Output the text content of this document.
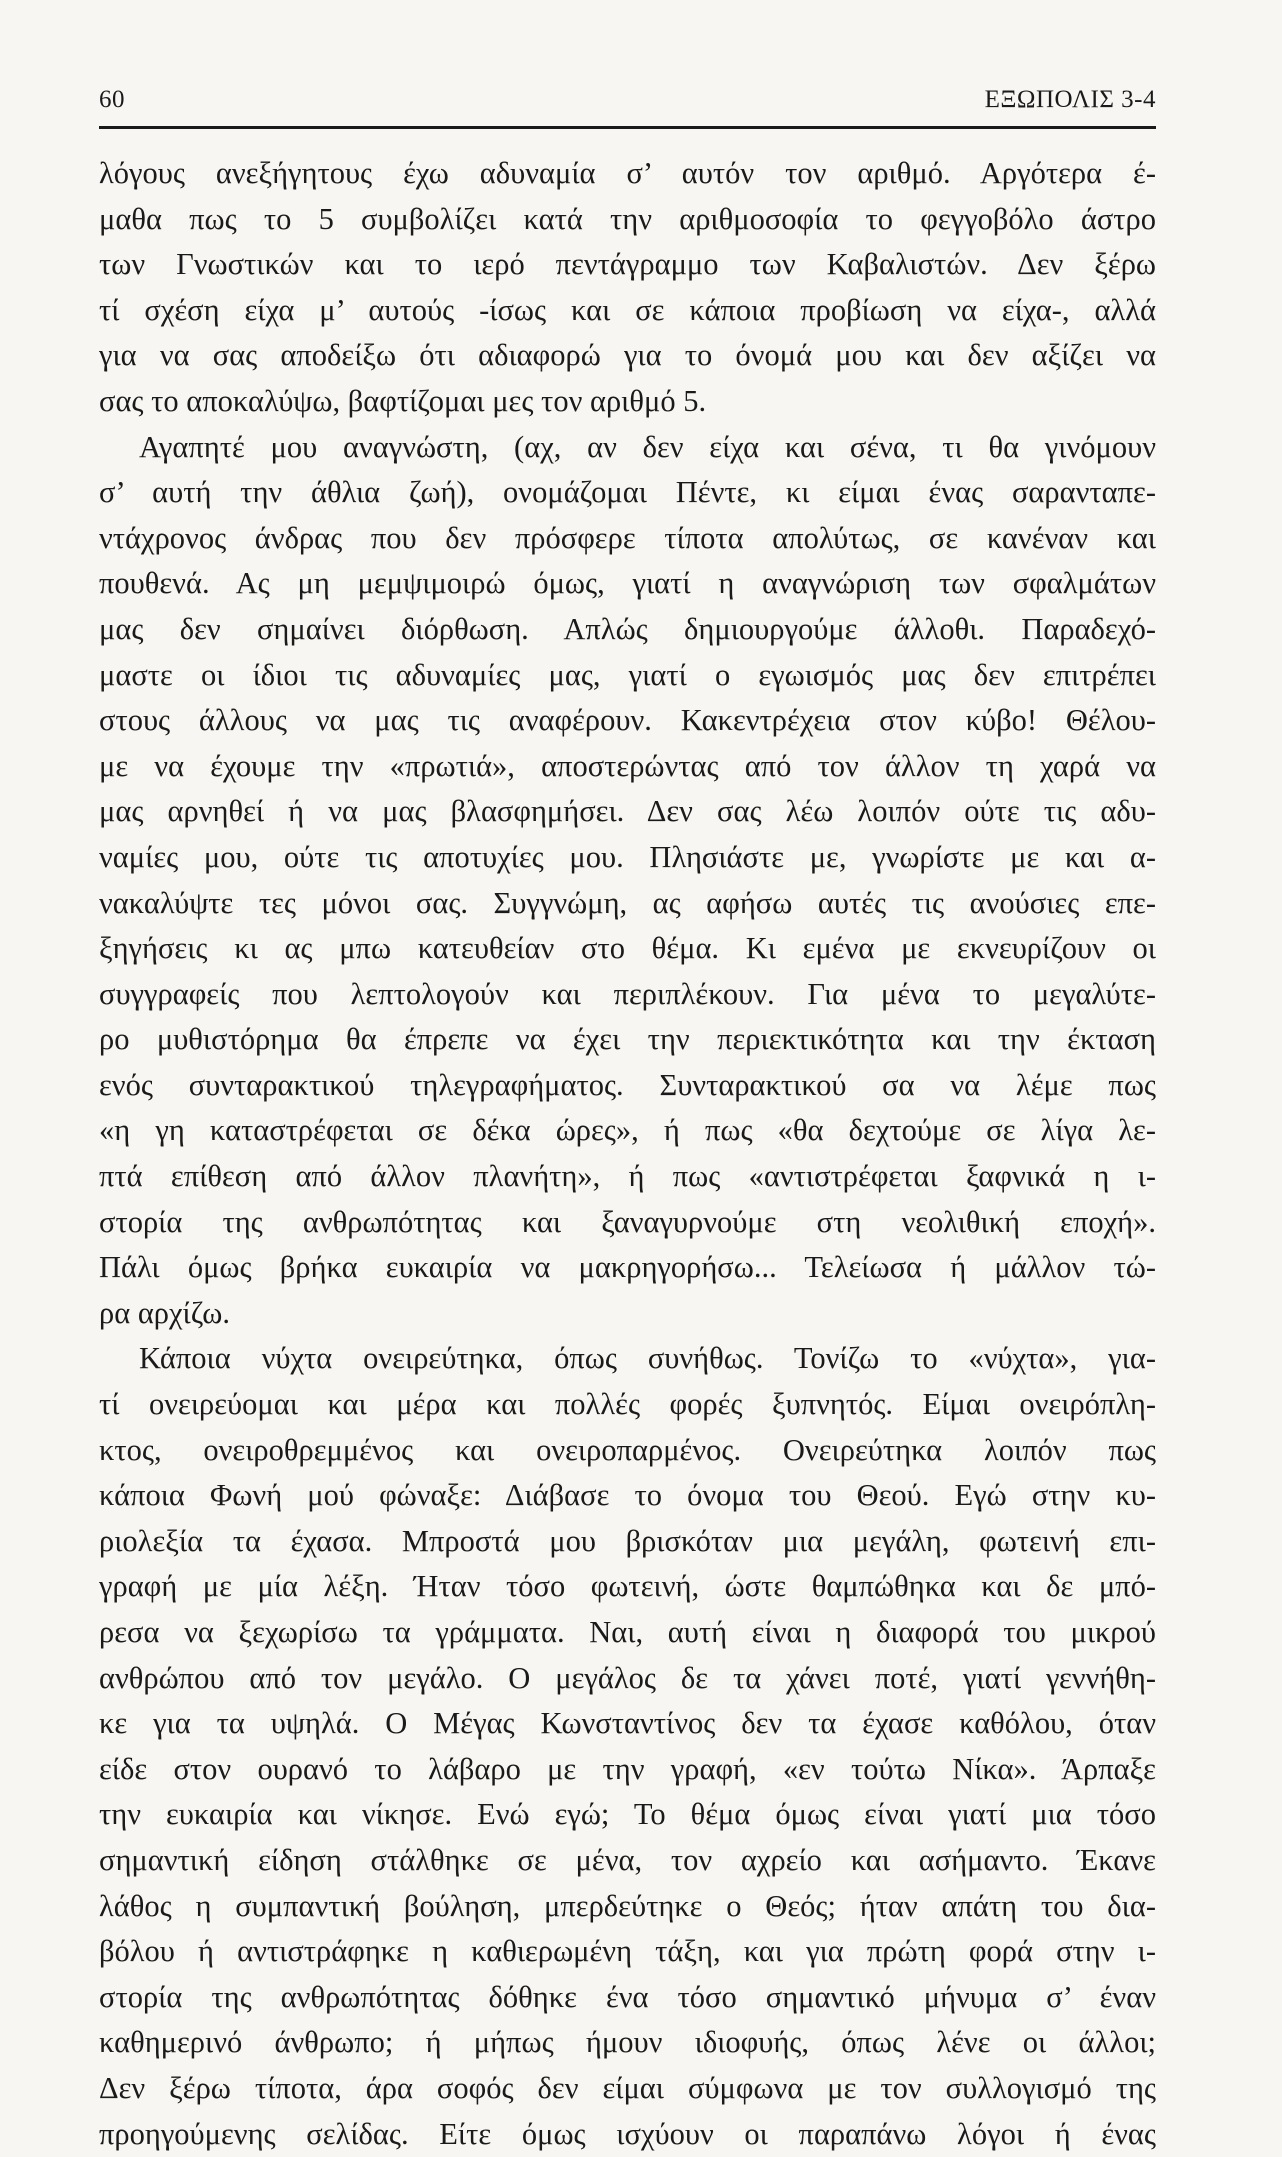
60	ΕΞΩΠΟΛΙΣ 3-4
λόγους ανεξήγητους έχω αδυναμία σ’ αυτόν τον αριθμό. Αργότερα έ-
μαθα πως το 5 συμβολίζει κατά την αριθμοσοφία το φεγγοβόλο άστρο
των Γνωστικών και το ιερό πεντάγραμμο των Καβαλιστών. Δεν ξέρω
τί σχέση είχα μ’ αυτούς -ίσως και σε κάποια προβίωση να είχα-, αλλά
για να σας αποδείξω ότι αδιαφορώ για το όνομά μου και δεν αξίζει να
σας το αποκαλύψω, βαφτίζομαι μες τον αριθμό 5.
Αγαπητέ μου αναγνώστη, (αχ, αν δεν είχα και σένα, τι θα γινόμουν
σ’ αυτή την άθλια ζωή), ονομάζομαι Πέντε, κι είμαι ένας σαρανταπε-
ντάχρονος άνδρας που δεν πρόσφερε τίποτα απολύτως, σε κανέναν και
πουθενά. Ας μη μεμψιμοιρώ όμως, γιατί η αναγνώριση των σφαλμάτων
μας δεν σημαίνει διόρθωση. Απλώς δημιουργούμε άλλοθι. Παραδεχό-
μαστε οι ίδιοι τις αδυναμίες μας, γιατί ο εγωισμός μας δεν επιτρέπει
στους άλλους να μας τις αναφέρουν. Κακεντρέχεια στον κύβο! Θέλου-
με να έχουμε την «πρωτιά», αποστερώντας από τον άλλον τη χαρά να
μας αρνηθεί ή να μας βλασφημήσει. Δεν σας λέω λοιπόν ούτε τις αδυ-
ναμίες μου, ούτε τις αποτυχίες μου. Πλησιάστε με, γνωρίστε με και α-
νακαλύψτε τες μόνοι σας. Συγγνώμη, ας αφήσω αυτές τις ανούσιες επε-
ξηγήσεις κι ας μπω κατευθείαν στο θέμα. Κι εμένα με εκνευρίζουν οι
συγγραφείς που λεπτολογούν και περιπλέκουν. Για μένα το μεγαλύτε-
ρο μυθιστόρημα θα έπρεπε να έχει την περιεκτικότητα και την έκταση
ενός συνταρακτικού τηλεγραφήματος. Συνταρακτικού σα να λέμε πως
«η γη καταστρέφεται σε δέκα ώρες», ή πως «θα δεχτούμε σε λίγα λε-
πτά επίθεση από άλλον πλανήτη», ή πως «αντιστρέφεται ξαφνικά η ι-
στορία της ανθρωπότητας και ξαναγυρνούμε στη νεολιθική εποχή».
Πάλι όμως βρήκα ευκαιρία να μακρηγορήσω... Τελείωσα ή μάλλον τώ-
ρα αρχίζω.
Κάποια νύχτα ονειρεύτηκα, όπως συνήθως. Τονίζω το «νύχτα», για-
τί ονειρεύομαι και μέρα και πολλές φορές ξυπνητός. Είμαι ονειρόπλη-
κτος, ονειροθρεμμένος και ονειροπαρμένος. Ονειρεύτηκα λοιπόν πως
κάποια Φωνή μού φώναξε: Διάβασε το όνομα του Θεού. Εγώ στην κυ-
ριολεξία τα έχασα. Μπροστά μου βρισκόταν μια μεγάλη, φωτεινή επι-
γραφή με μία λέξη. Ήταν τόσο φωτεινή, ώστε θαμπώθηκα και δε μπό-
ρεσα να ξεχωρίσω τα γράμματα. Ναι, αυτή είναι η διαφορά του μικρού
ανθρώπου από τον μεγάλο. Ο μεγάλος δε τα χάνει ποτέ, γιατί γεννήθη-
κε για τα υψηλά. Ο Μέγας Κωνσταντίνος δεν τα έχασε καθόλου, όταν
είδε στον ουρανό το λάβαρο με την γραφή, «εν τούτω Νίκα». Άρπαξε
την ευκαιρία και νίκησε. Ενώ εγώ; Το θέμα όμως είναι γιατί μια τόσο
σημαντική είδηση στάλθηκε σε μένα, τον αχρείο και ασήμαντο. Έκανε
λάθος η συμπαντική βούληση, μπερδεύτηκε ο Θεός; ήταν απάτη του δια-
βόλου ή αντιστράφηκε η καθιερωμένη τάξη, και για πρώτη φορά στην ι-
στορία της ανθρωπότητας δόθηκε ένα τόσο σημαντικό μήνυμα σ’ έναν
καθημερινό άνθρωπο; ή μήπως ήμουν ιδιοφυής, όπως λένε οι άλλοι;
Δεν ξέρω τίποτα, άρα σοφός δεν είμαι σύμφωνα με τον συλλογισμό της
προηγούμενης σελίδας. Είτε όμως ισχύουν οι παραπάνω λόγοι ή ένας
